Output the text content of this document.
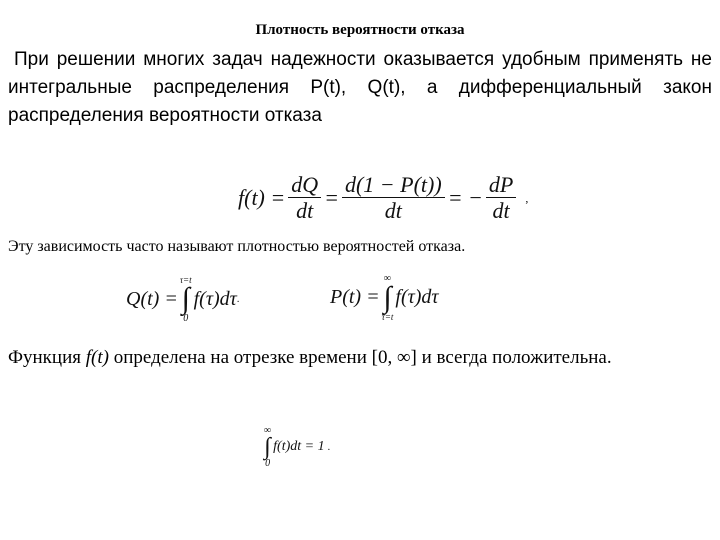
Плотность вероятности отказа
При решении многих задач надежности оказывается удобным применять не интегральные распределения P(t), Q(t), а дифференциальный закон распределения вероятности отказа
$f(t) = \frac{dQ}{dt} = \frac{d(1 - P(t))}{dt}$ = − $\frac{dP}{dt}$ ,
Эту зависимость часто называют плотностью вероятностей отказа.
Q(t) =
τ=t
∫
0
f(τ)dτ .	P(t) =
∞
∫
τ=t
f(τ)dτ
Функция f(t) определена на отрезке времени [0, ∞] и всегда положительна.
∞
∫
0
f(t)dt = 1 .
